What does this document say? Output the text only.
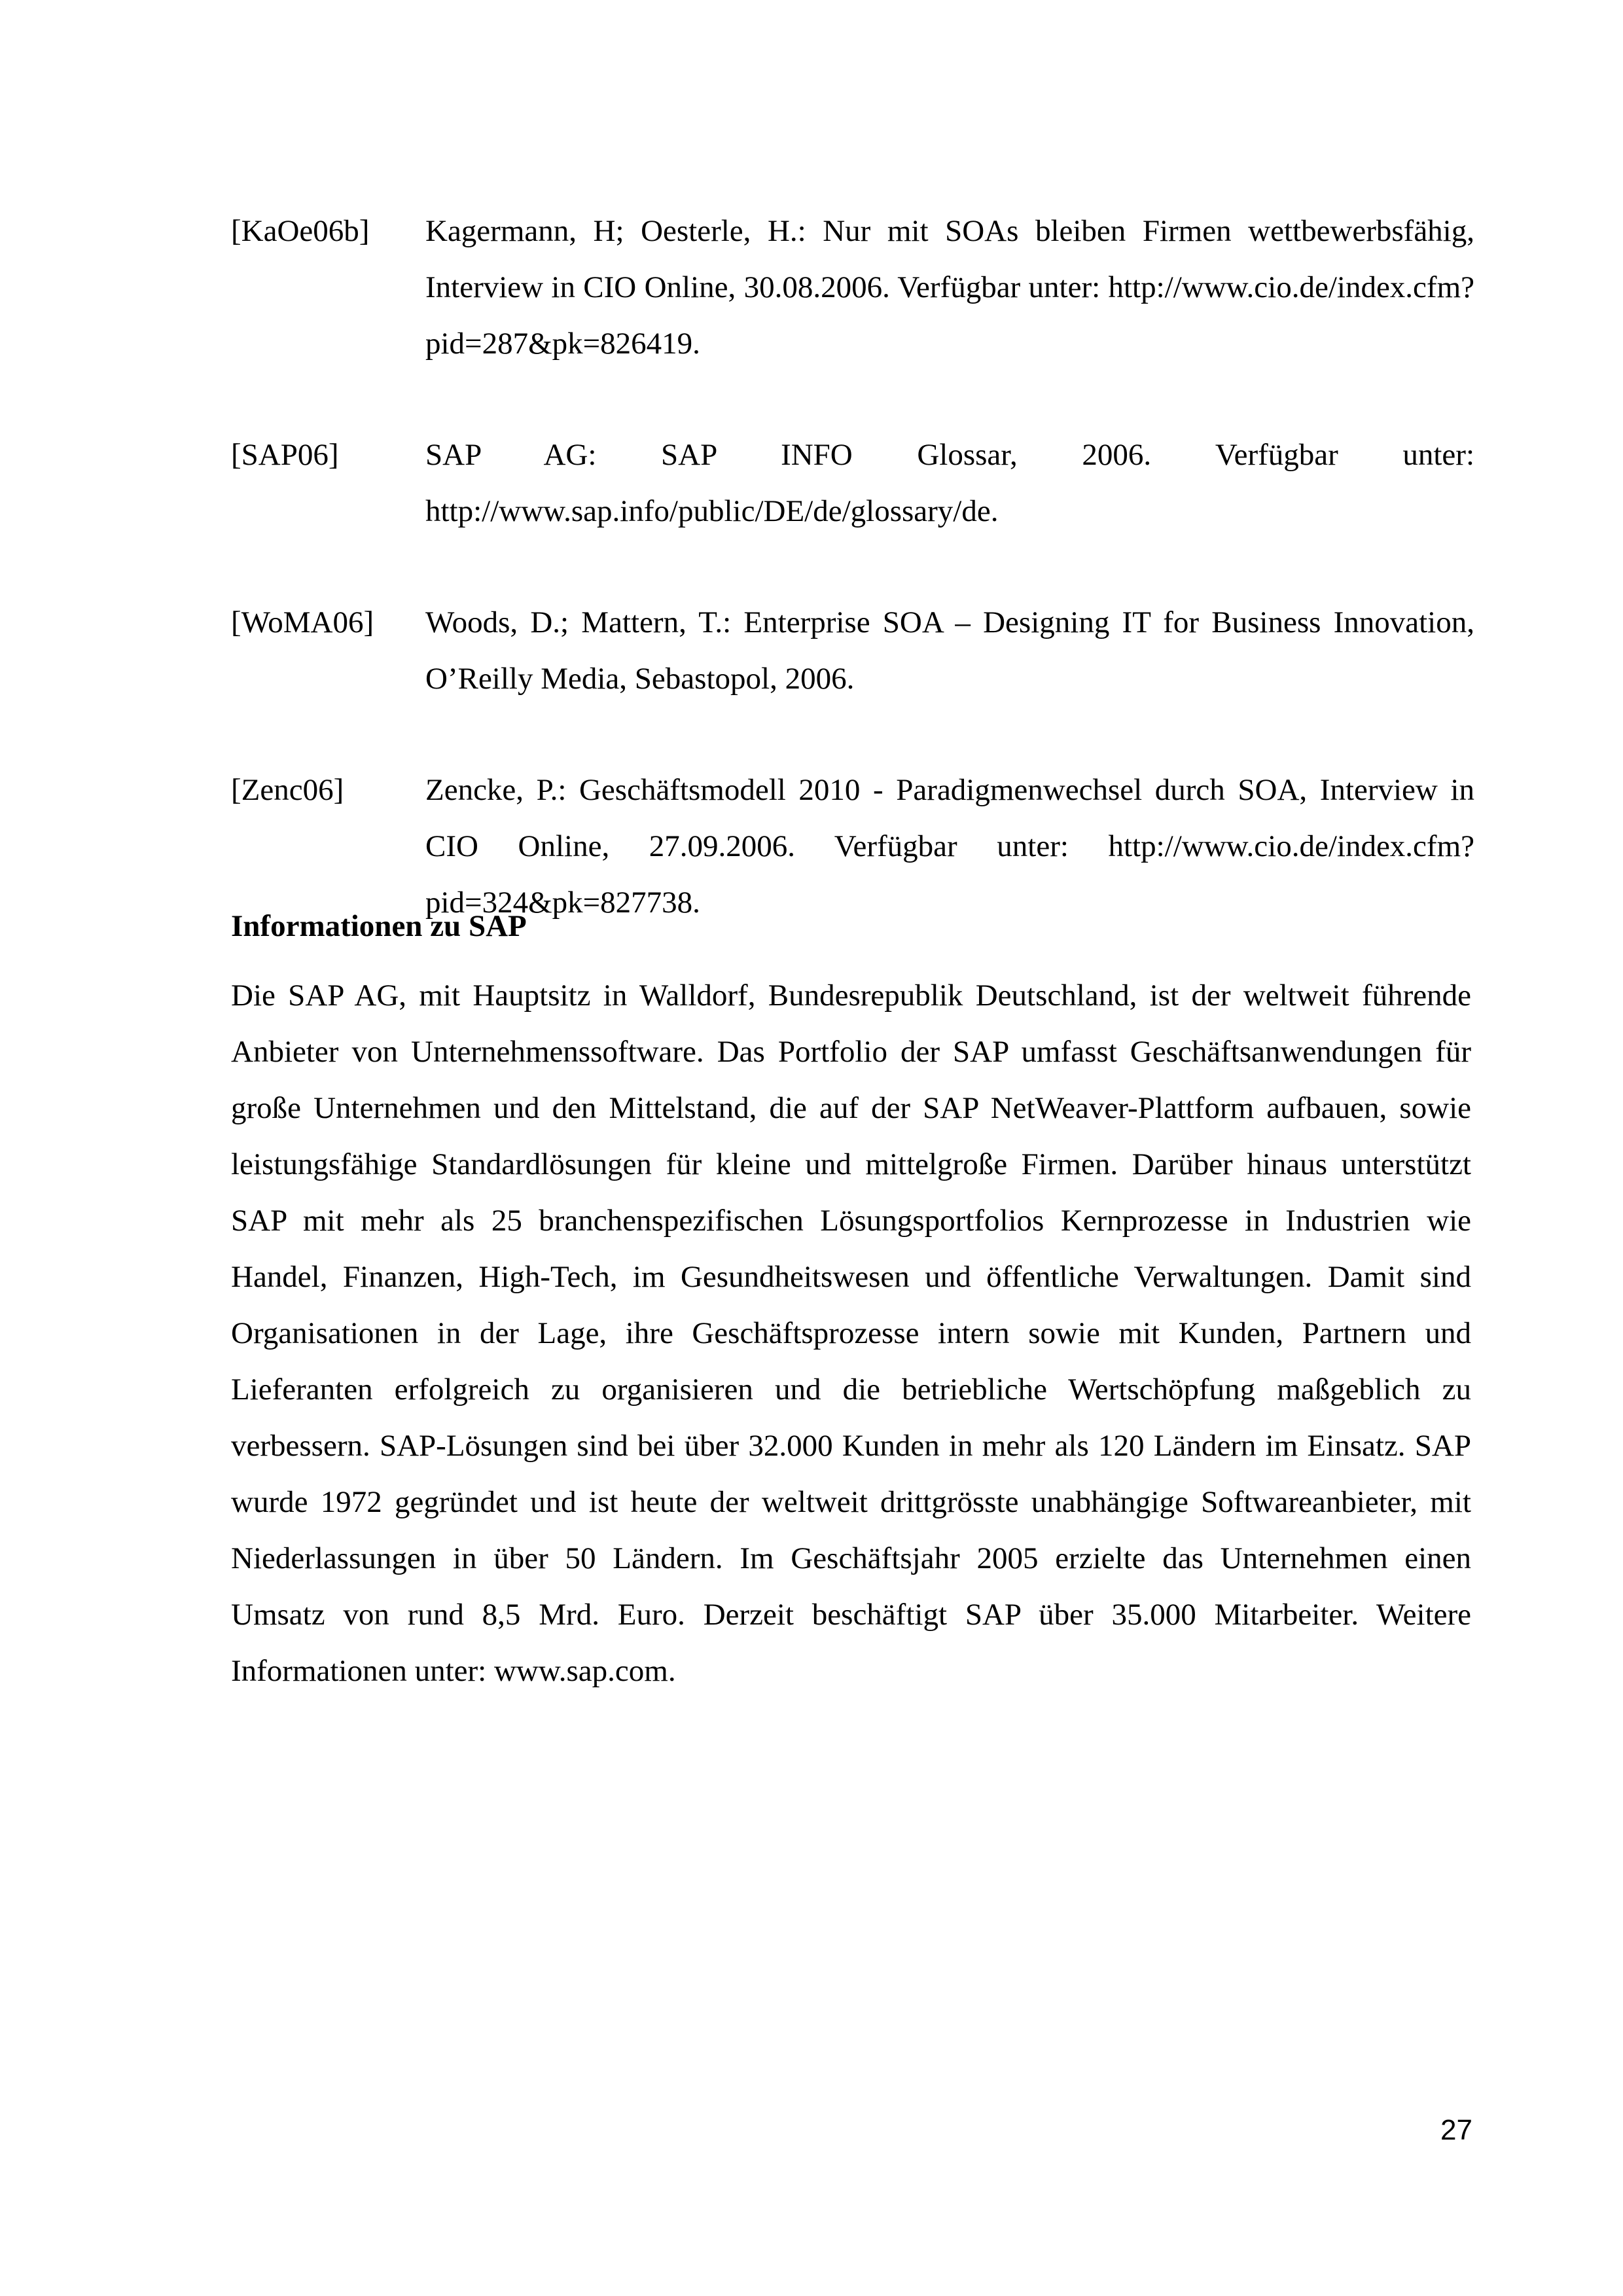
[KaOe06b]	Kagermann, H; Oesterle, H.: Nur mit SOAs bleiben Firmen wettbewerbsfähig, Interview in CIO Online, 30.08.2006. Verfügbar unter: http://www.cio.de/index.cfm?pid=287&pk=826419.
[SAP06]	SAP AG: SAP INFO Glossar, 2006. Verfügbar unter: http://www.sap.info/public/DE/de/glossary/de.
[WoMA06]	Woods, D.; Mattern, T.: Enterprise SOA – Designing IT for Business Innovation, O’Reilly Media, Sebastopol, 2006.
[Zenc06]	Zencke, P.: Geschäftsmodell 2010 - Paradigmenwechsel durch SOA, Interview in CIO Online, 27.09.2006. Verfügbar unter: http://www.cio.de/index.cfm?pid=324&pk=827738.
Informationen zu SAP

Die SAP AG, mit Hauptsitz in Walldorf, Bundesrepublik Deutschland, ist der weltweit führende Anbieter von Unternehmenssoftware. Das Portfolio der SAP umfasst Geschäftsanwendungen für große Unternehmen und den Mittelstand, die auf der SAP NetWeaver-Plattform aufbauen, sowie leistungsfähige Standardlösungen für kleine und mittelgroße Firmen. Darüber hinaus unterstützt SAP mit mehr als 25 branchenspezifischen Lösungsportfolios Kernprozesse in Industrien wie Handel, Finanzen, High-Tech, im Gesundheitswesen und öffentliche Verwaltungen. Damit sind Organisationen in der Lage, ihre Geschäftsprozesse intern sowie mit Kunden, Partnern und Lieferanten erfolgreich zu organisieren und die betriebliche Wertschöpfung maßgeblich zu verbessern. SAP-Lösungen sind bei über 32.000 Kunden in mehr als 120 Ländern im Einsatz. SAP wurde 1972 gegründet und ist heute der weltweit drittgrösste unabhängige Softwareanbieter, mit Niederlassungen in über 50 Ländern. Im Geschäftsjahr 2005 erzielte das Unternehmen einen Umsatz von rund 8,5 Mrd. Euro. Derzeit beschäftigt SAP über 35.000 Mitarbeiter. Weitere Informationen unter: www.sap.com.

27
